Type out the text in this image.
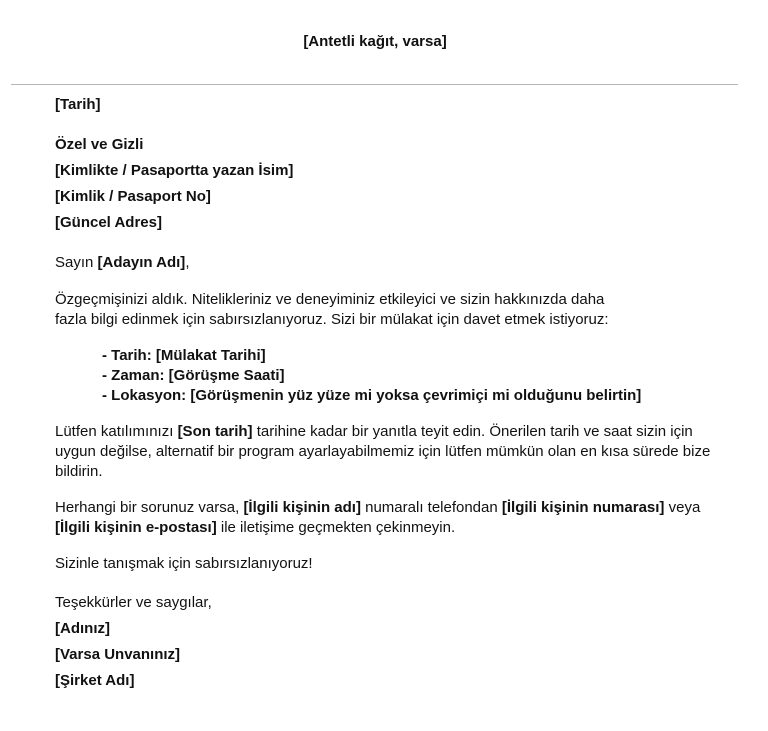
[Antetli kağıt, varsa]
[Tarih]
Özel ve Gizli
[Kimlikte / Pasaportta yazan İsim]
[Kimlik / Pasaport No]
[Güncel Adres]
Sayın [Adayın Adı],

Özgeçmişinizi aldık. Nitelikleriniz ve deneyiminiz etkileyici ve sizin hakkınızda daha
fazla bilgi edinmek için sabırsızlanıyoruz. Sizi bir mülakat için davet etmek istiyoruz:

- Tarih: [Mülakat Tarihi]
- Zaman: [Görüşme Saati]
- Lokasyon: [Görüşmenin yüz yüze mi yoksa çevrimiçi mi olduğunu belirtin]

Lütfen katılımınızı [Son tarih] tarihine kadar bir yanıtla teyit edin. Önerilen tarih ve saat sizin için
uygun değilse, alternatif bir program ayarlayabilmemiz için lütfen mümkün olan en kısa sürede bize
bildirin.

Herhangi bir sorunuz varsa, [İlgili kişinin adı] numaralı telefondan [İlgili kişinin numarası] veya
[İlgili kişinin e-postası] ile iletişime geçmekten çekinmeyin.

Sizinle tanışmak için sabırsızlanıyoruz!
Teşekkürler ve saygılar,
[Adınız]
[Varsa Unvanınız]
[Şirket Adı]
